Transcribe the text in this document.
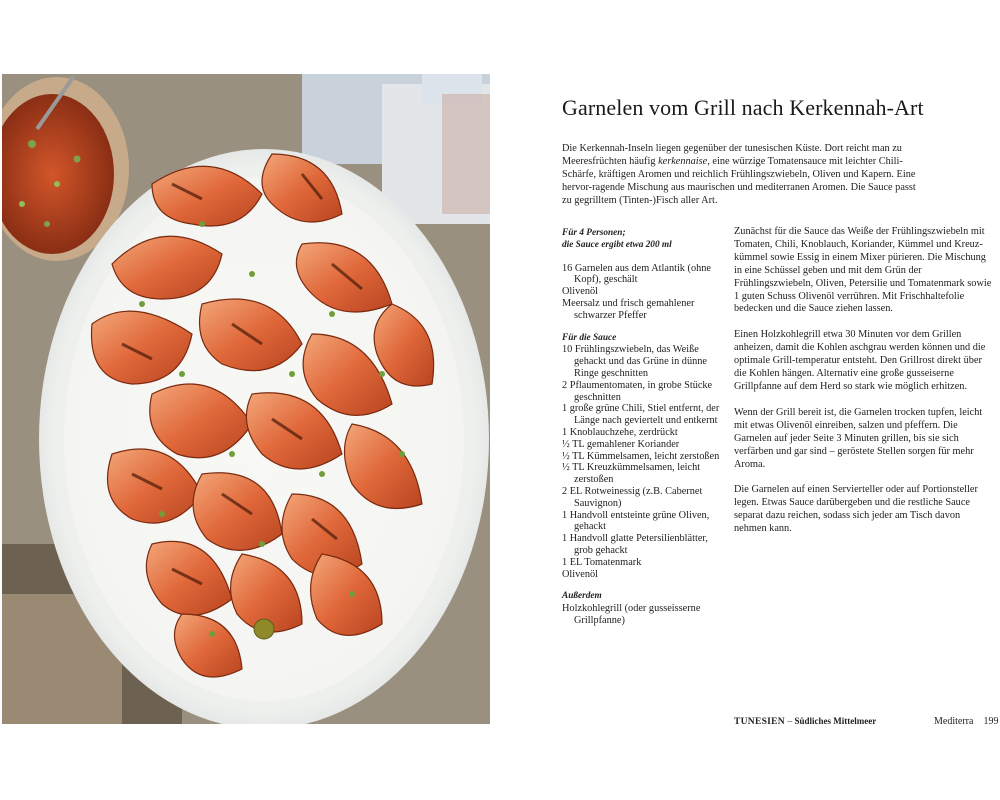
Garnelen vom Grill nach Kerkennah-Art

Die Kerkennah-Inseln liegen gegenüber der tunesischen Küste. Dort reicht man zu Meeresfrüchten häufig kerkennaise, eine würzige Tomatensauce mit leichter Chili-Schärfe, kräftigen Aromen und reichlich Frühlingszwiebeln, Oliven und Kapern. Eine hervor-ragende Mischung aus maurischen und mediterranen Aromen. Die Sauce passt zu gegrilltem (Tinten-)Fisch aller Art.

Für 4 Personen;

die Sauce ergibt etwa 200 ml

16 Garnelen aus dem Atlantik (ohne Kopf), geschält
Olivenöl
Meersalz und frisch gemahlener schwarzer Pfeffer

Für die Sauce

10 Frühlingszwiebeln, das Weiße gehackt und das Grüne in dünne Ringe geschnitten
2 Pflaumentomaten, in grobe Stücke geschnitten
1 große grüne Chili, Stiel entfernt, der Länge nach geviertelt und entkernt
1 Knoblauchzehe, zerdrückt
½ TL gemahlener Koriander
½ TL Kümmelsamen, leicht zerstoßen
½ TL Kreuzkümmelsamen, leicht zerstoßen
2 EL Rotweinessig (z.B. Cabernet Sauvignon)
1 Handvoll entsteinte grüne Oliven, gehackt
1 Handvoll glatte Petersilienblätter, grob gehackt
1 EL Tomatenmark
Olivenöl

Außerdem

Holzkohlegrill (oder gusseisserne Grillpfanne)

Zunächst für die Sauce das Weiße der Frühlingszwiebeln mit Tomaten, Chili, Knoblauch, Koriander, Kümmel und Kreuz-kümmel sowie Essig in einem Mixer pürieren. Die Mischung in eine Schüssel geben und mit dem Grün der Frühlingszwiebeln, Oliven, Petersilie und Tomatenmark sowie 1 guten Schuss Olivenöl verrühren. Mit Frischhaltefolie bedecken und die Sauce ziehen lassen.

Einen Holzkohlegrill etwa 30 Minuten vor dem Grillen anheizen, damit die Kohlen aschgrau werden können und die optimale Grill-temperatur entsteht. Den Grillrost direkt über die Kohlen hängen. Alternativ eine große gusseiserne Grillpfanne auf dem Herd so stark wie möglich erhitzen.

Wenn der Grill bereit ist, die Garnelen trocken tupfen, leicht mit etwas Olivenöl einreiben, salzen und pfeffern. Die Garnelen auf jeder Seite 3 Minuten grillen, bis sie sich verfärben und gar sind – geröstete Stellen sorgen für mehr Aroma.

Die Garnelen auf einen Servierteller oder auf Portionsteller legen. Etwas Sauce darübergeben und die restliche Sauce separat dazu reichen, sodass sich jeder am Tisch davon nehmen kann.

TUNESIEN – Südliches Mittelmeer	Mediterra 199
